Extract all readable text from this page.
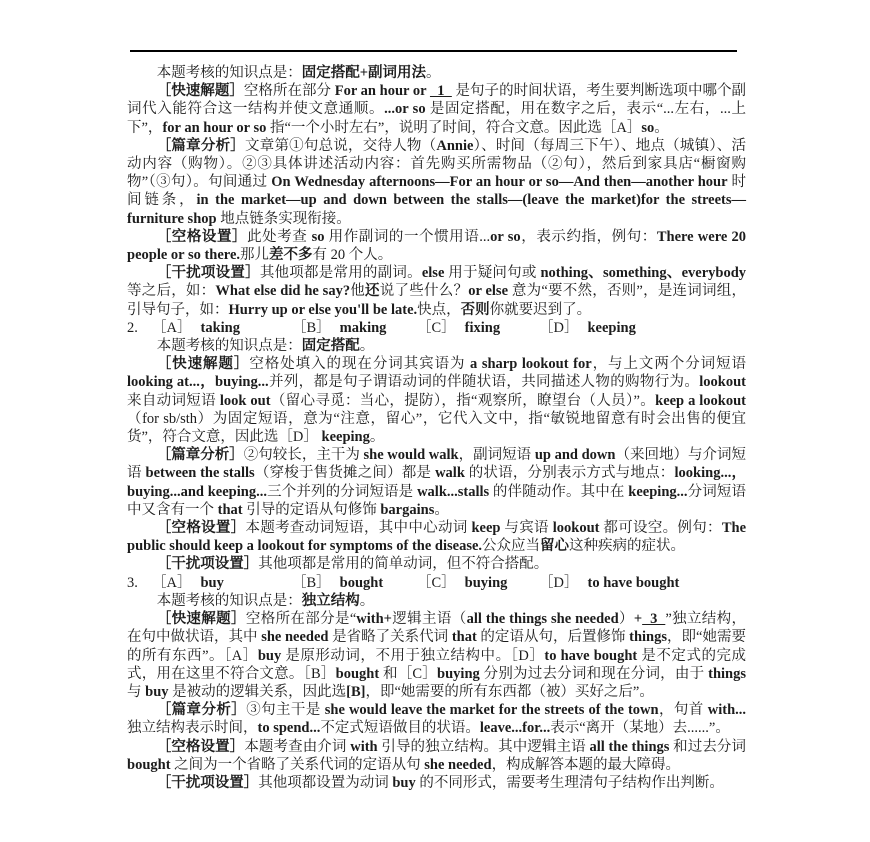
本题考核的知识点是：固定搭配+副词用法。

［快速解题］空格所在部分 For an hour or   1   是句子的时间状语，考生要判断选项中哪个副词代入能符合这一结构并使文意通顺。...or so 是固定搭配，用在数字之后，表示“...左右，...上下”，for an hour or so 指“一个小时左右”，说明了时间，符合文意。因此选［A］so。

［篇章分析］文章第①句总说，交待人物（Annie）、时间（每周三下午）、地点（城镇）、活动内容（购物）。②③具体讲述活动内容：首先购买所需物品（②句），然后到家具店“橱窗购物”（③句）。句间通过 On Wednesday afternoons—For an hour or so—And then—another hour 时间链条，in the market—up and down between the stalls—(leave the market)for the streets—furniture shop 地点链条实现衔接。

［空格设置］此处考查 so 用作副词的一个惯用语...or so，表示约指，例句：There were 20 people or so there.那儿差不多有 20 个人。

［干扰项设置］其他项都是常用的副词。else 用于疑问句或 nothing、something、everybody 等之后，如：What else did he say?他还说了些什么？or else 意为“要不然，否则”，是连词词组，引导句子，如：Hurry up or else you'll be late.快点，否则你就要迟到了。

2. ［A］ taking	［B］ making ［C］ fixing	［D］ keeping

本题考核的知识点是：固定搭配。

［快速解题］空格处填入的现在分词其宾语为 a sharp lookout for，与上文两个分词短语 looking at...，buying...并列，都是句子谓语动词的伴随状语，共同描述人物的购物行为。lookout 来自动词短语 look out（留心寻觅：当心，提防），指“观察所，瞭望台（人员）”。keep a lookout （for sb/sth）为固定短语，意为“注意，留心”，它代入文中，指“敏锐地留意有时会出售的便宜货”，符合文意，因此选［D］ keeping。

［篇章分析］②句较长，主干为 she would walk，副词短语 up and down（来回地）与介词短语 between the stalls（穿梭于售货摊之间）都是 walk 的状语，分别表示方式与地点：looking...，buying...and keeping...三个并列的分词短语是 walk...stalls 的伴随动作。其中在 keeping...分词短语中又含有一个 that 引导的定语从句修饰 bargains。

［空格设置］本题考查动词短语，其中中心动词 keep 与宾语 lookout 都可设空。例句：The public should keep a lookout for symptoms of the disease.公众应当留心这种疾病的症状。

［干扰项设置］其他项都是常用的简单动词，但不符合搭配。

3. ［A］ buy	［B］ bought ［C］ buying ［D］ to have bought

本题考核的知识点是：独立结构。

［快速解题］空格所在部分是“with+逻辑主语（all the things she needed）+  3  ”独立结构，在句中做状语，其中 she needed 是省略了关系代词 that 的定语从句，后置修饰 things，即“她需要的所有东西”。［A］buy 是原形动词，不用于独立结构中。［D］to have bought 是不定式的完成式，用在这里不符合文意。［B］bought 和［C］buying 分别为过去分词和现在分词，由于 things 与 buy 是被动的逻辑关系，因此选[B]，即“她需要的所有东西都（被）买好之后”。

［篇章分析］③句主干是 she would leave the market for the streets of the town，句首 with...独立结构表示时间，to spend...不定式短语做目的状语。leave...for...表示“离开（某地）去......”。

［空格设置］本题考查由介词 with 引导的独立结构。其中逻辑主语 all the things 和过去分词 bought 之间为一个省略了关系代词的定语从句 she needed，构成解答本题的最大障碍。

［干扰项设置］其他项都设置为动词 buy 的不同形式，需要考生理清句子结构作出判断。
